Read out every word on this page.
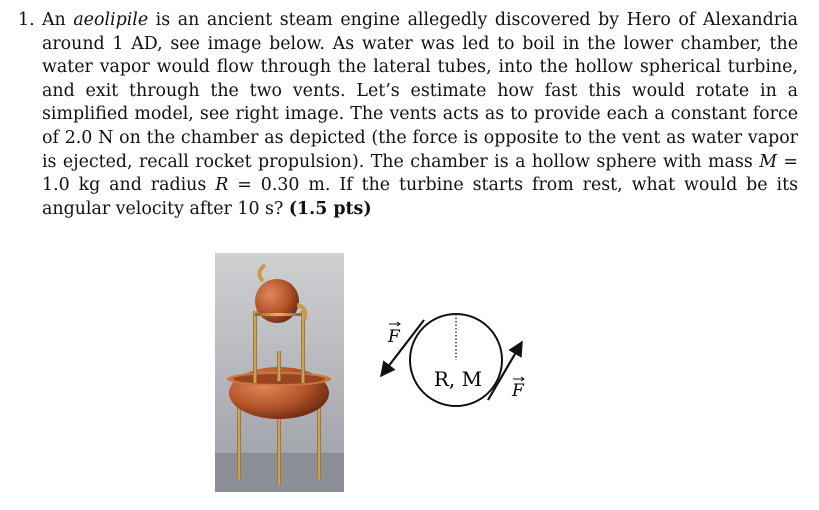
1. An aeolipile is an ancient steam engine allegedly discovered by Hero of Alexandria around 1 AD, see image below. As water was led to boil in the lower chamber, the water vapor would flow through the lateral tubes, into the hollow spherical turbine, and exit through the two vents. Let’s estimate how fast this would rotate in a simplified model, see right image. The vents acts as to provide each a constant force of 2.0 N on the chamber as depicted (the force is opposite to the vent as water vapor is ejected, recall rocket propulsion). The chamber is a hollow sphere with mass M = 1.0 kg and radius R = 0.30 m. If the turbine starts from rest, what would be its angular velocity after 10 s? (1.5 pts)
R, M
F
F
